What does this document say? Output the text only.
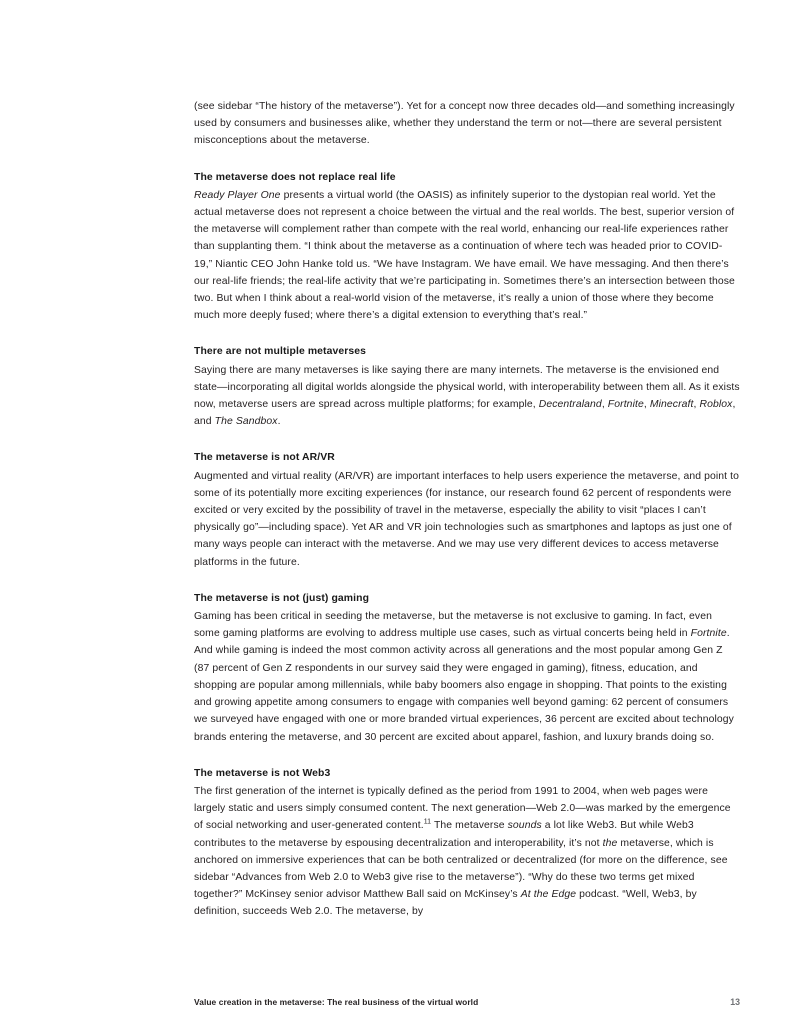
(see sidebar “The history of the metaverse”). Yet for a concept now three decades old—and something increasingly used by consumers and businesses alike, whether they understand the term or not—there are several persistent misconceptions about the metaverse.

The metaverse does not replace real life

Ready Player One presents a virtual world (the OASIS) as infinitely superior to the dystopian real world. Yet the actual metaverse does not represent a choice between the virtual and the real worlds. The best, superior version of the metaverse will complement rather than compete with the real world, enhancing our real-life experiences rather than supplanting them. “I think about the metaverse as a continuation of where tech was headed prior to COVID-19,” Niantic CEO John Hanke told us. “We have Instagram. We have email. We have messaging. And then there’s our real-life friends; the real-life activity that we’re participating in. Sometimes there’s an intersection between those two. But when I think about a real-world vision of the metaverse, it’s really a union of those where they become much more deeply fused; where there’s a digital extension to everything that’s real.”

There are not multiple metaverses

Saying there are many metaverses is like saying there are many internets. The metaverse is the envisioned end state—incorporating all digital worlds alongside the physical world, with interoperability between them all. As it exists now, metaverse users are spread across multiple platforms; for example, Decentraland, Fortnite, Minecraft, Roblox, and The Sandbox.

The metaverse is not AR/VR

Augmented and virtual reality (AR/VR) are important interfaces to help users experience the metaverse, and point to some of its potentially more exciting experiences (for instance, our research found 62 percent of respondents were excited or very excited by the possibility of travel in the metaverse, especially the ability to visit “places I can’t physically go”—including space). Yet AR and VR join technologies such as smartphones and laptops as just one of many ways people can interact with the metaverse. And we may use very different devices to access metaverse platforms in the future.

The metaverse is not (just) gaming

Gaming has been critical in seeding the metaverse, but the metaverse is not exclusive to gaming. In fact, even some gaming platforms are evolving to address multiple use cases, such as virtual concerts being held in Fortnite. And while gaming is indeed the most common activity across all generations and the most popular among Gen Z (87 percent of Gen Z respondents in our survey said they were engaged in gaming), fitness, education, and shopping are popular among millennials, while baby boomers also engage in shopping. That points to the existing and growing appetite among consumers to engage with companies well beyond gaming: 62 percent of consumers we surveyed have engaged with one or more branded virtual experiences, 36 percent are excited about technology brands entering the metaverse, and 30 percent are excited about apparel, fashion, and luxury brands doing so.

The metaverse is not Web3

The first generation of the internet is typically defined as the period from 1991 to 2004, when web pages were largely static and users simply consumed content. The next generation—Web 2.0—was marked by the emergence of social networking and user-generated content.$^{11}$ The metaverse sounds a lot like Web3. But while Web3 contributes to the metaverse by espousing decentralization and interoperability, it’s not the metaverse, which is anchored on immersive experiences that can be both centralized or decentralized (for more on the difference, see sidebar “Advances from Web 2.0 to Web3 give rise to the metaverse”). “Why do these two terms get mixed together?” McKinsey senior advisor Matthew Ball said on McKinsey’s At the Edge podcast. “Well, Web3, by definition, succeeds Web 2.0. The metaverse, by

Value creation in the metaverse: The real business of the virtual world	13
